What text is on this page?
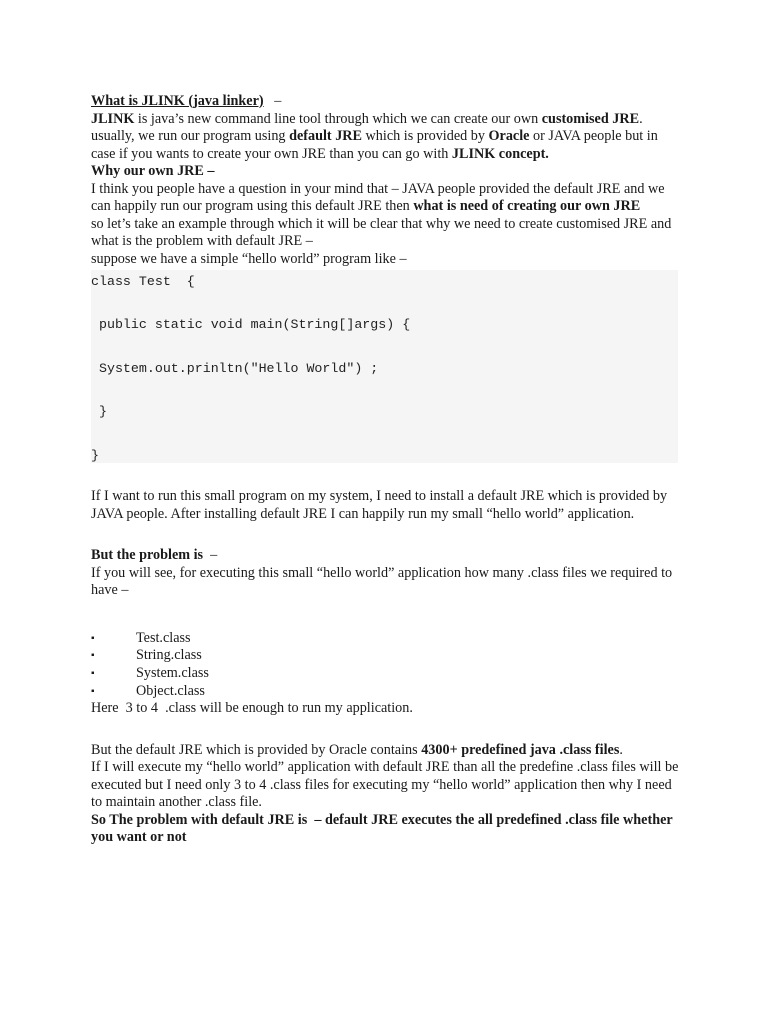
What is JLINK (java linker) –

JLINK is java’s new command line tool through which we can create our own customised JRE.

usually, we run our program using default JRE which is provided by Oracle or JAVA people but in case if you wants to create your own JRE than you can go with JLINK concept.

Why our own JRE –

I think you people have a question in your mind that – JAVA people provided the default JRE and we can happily run our program using this default JRE then what is need of creating our own JRE

so let’s take an example through which it will be clear that why we need to create customised JRE and what is the problem with default JRE –

suppose we have a simple “hello world” program like –

class Test  {
public static void main(String[]args) {
System.out.prinltn("Hello World") ;
}
}

If I want to run this small program on my system, I need to install a default JRE which is provided by JAVA people. After installing default JRE I can happily run my small “hello world” application.

But the problem is  –

If you will see, for executing this small “hello world” application how many .class files we required to have –

▪	Test.class
▪	String.class
▪	System.class
▪	Object.class

Here  3 to 4  .class will be enough to run my application.

But the default JRE which is provided by Oracle contains 4300+ predefined java .class files.

If I will execute my “hello world” application with default JRE than all the predefine .class files will be executed but I need only 3 to 4 .class files for executing my “hello world” application then why I need to maintain another .class file.

So The problem with default JRE is  – default JRE executes the all predefined .class file whether you want or not
